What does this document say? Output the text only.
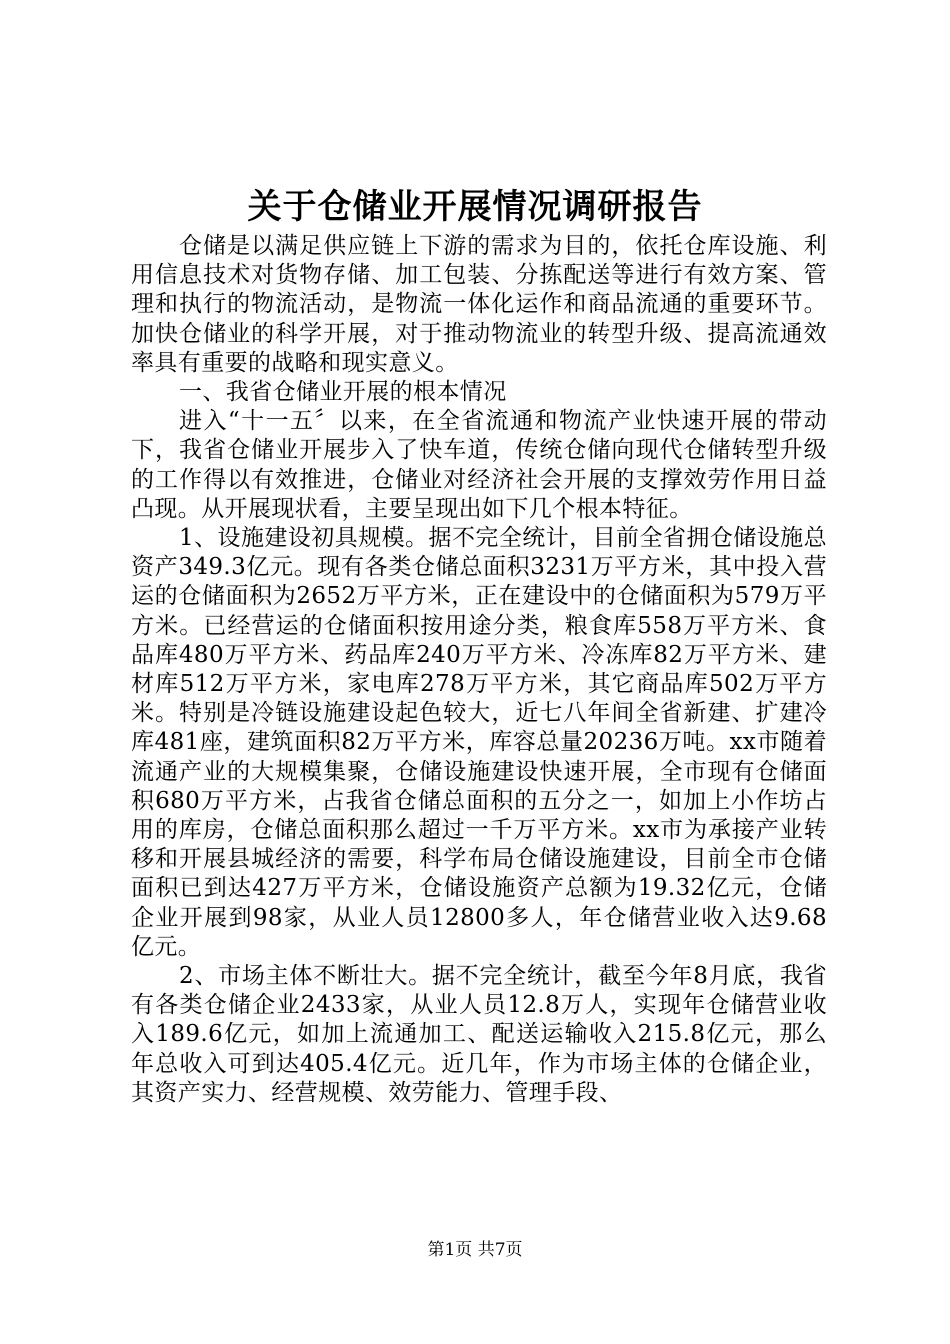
关于仓储业开展情况调研报告

仓储是以满足供应链上下游的需求为目的，依托仓库设施、利用信息技术对货物存储、加工包装、分拣配送等进行有效方案、管理和执行的物流活动，是物流一体化运作和商品流通的重要环节。加快仓储业的科学开展，对于推动物流业的转型升级、提高流通效率具有重要的战略和现实意义。

一、我省仓储业开展的根本情况

进入“十一五〞以来，在全省流通和物流产业快速开展的带动下，我省仓储业开展步入了快车道，传统仓储向现代仓储转型升级的工作得以有效推进，仓储业对经济社会开展的支撑效劳作用日益凸现。从开展现状看，主要呈现出如下几个根本特征。

1、设施建设初具规模。据不完全统计，目前全省拥仓储设施总资产349.3亿元。现有各类仓储总面积3231万平方米，其中投入营运的仓储面积为2652万平方米，正在建设中的仓储面积为579万平方米。已经营运的仓储面积按用途分类，粮食库558万平方米、食品库480万平方米、药品库240万平方米、冷冻库82万平方米、建材库512万平方米，家电库278万平方米，其它商品库502万平方米。特别是冷链设施建设起色较大，近七八年间全省新建、扩建冷库481座，建筑面积82万平方米，库容总量20236万吨。xx市随着流通产业的大规模集聚，仓储设施建设快速开展，全市现有仓储面积680万平方米，占我省仓储总面积的五分之一，如加上小作坊占用的库房，仓储总面积那么超过一千万平方米。xx市为承接产业转移和开展县城经济的需要，科学布局仓储设施建设，目前全市仓储面积已到达427万平方米，仓储设施资产总额为19.32亿元，仓储企业开展到98家，从业人员12800多人，年仓储营业收入达9.68亿元。

2、市场主体不断壮大。据不完全统计，截至今年8月底，我省有各类仓储企业2433家，从业人员12.8万人，实现年仓储营业收入189.6亿元，如加上流通加工、配送运输收入215.8亿元，那么年总收入可到达405.4亿元。近几年，作为市场主体的仓储企业，其资产实力、经营规模、效劳能力、管理手段、

第1页 共7页
